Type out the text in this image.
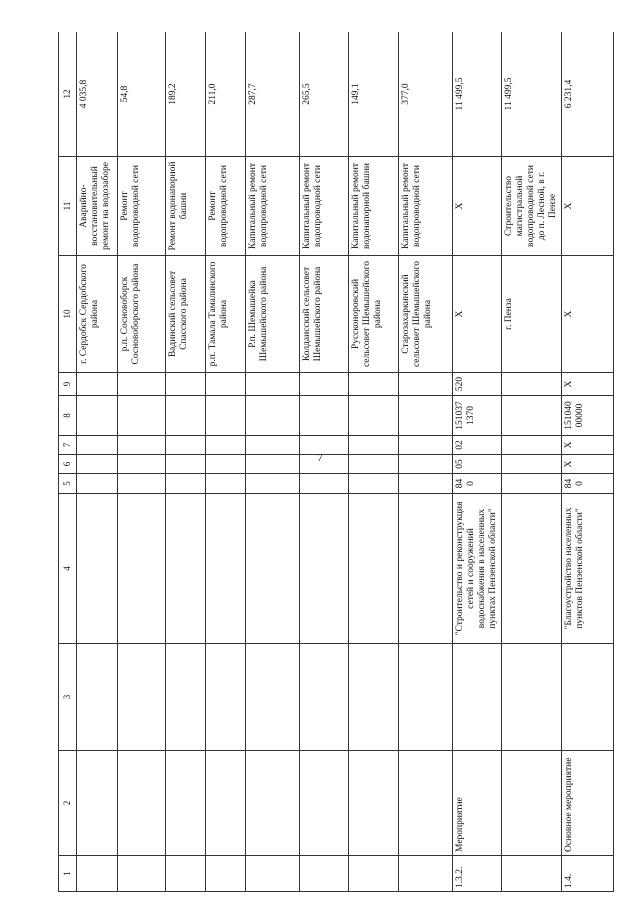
7
1	2	3	4	5	6	7	8	9	10	11	12
									г. Сердобск Сердобского района	Аварийно-восстановительный ремонт на водозаборе	4 035,8
									р.п. Сосновоборск Сосновоборского района	Ремонт водопроводной сети	54,8
									Вадинский сельсовет Спасского района	Ремонт водонапорной башни	189,2
									р.п. Тамала Тамалинского района	Ремонт водопроводной сети	211,0
									Р.п. Шемышейка Шемышейского района	Капитальный ремонт водопроводной сети	287,7
									Колдаисский сельсовет Шемышейского района	Капитальный ремонт водопроводной сети	265,5
									Руссконоровский сельсовет Шемышейского района	Капитальный ремонт водонапорной башни	149,1
									Старозахаркинский сельсовет Шемышейского района	Капитальный ремонт водопроводной сети	377,0
1.3.2.	Мероприятие		"Строительство и реконструкция сетей и сооружений водоснабжения в населенных пунктах Пензенской области"	840	05	02	1510371370	520	X	X	11 499,5
									г. Пенза	Строительство магистральной водопроводной сети до п. Лесной, в г. Пензе	11 499,5
1.4.	Основное мероприятие		"Благоустройство населенных пунктов Пензенской области"	840	X	X	15104000000	X	X	X	6 231,4
